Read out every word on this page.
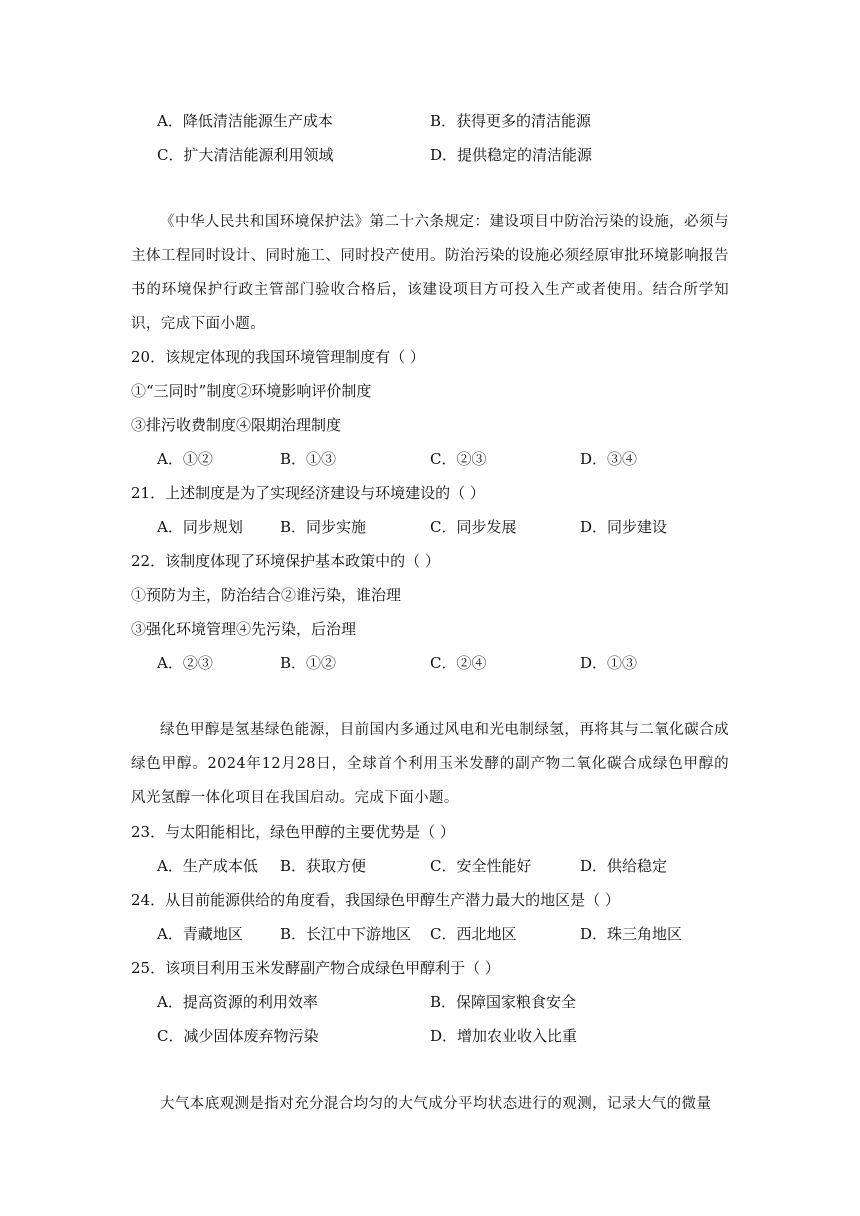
A．降低清洁能源生产成本	B．获得更多的清洁能源
C．扩大清洁能源利用领域	D．提供稳定的清洁能源
《中华人民共和国环境保护法》第二十六条规定：建设项目中防治污染的设施，必须与主体工程同时设计、同时施工、同时投产使用。防治污染的设施必须经原审批环境影响报告书的环境保护行政主管部门验收合格后，该建设项目方可投入生产或者使用。结合所学知识，完成下面小题。
20．该规定体现的我国环境管理制度有（ ）
①“三同时”制度②环境影响评价制度
③排污收费制度④限期治理制度
A．①②	B．①③	C．②③	D．③④
21．上述制度是为了实现经济建设与环境建设的（ ）
A．同步规划 B．同步实施	C．同步发展	D．同步建设
22．该制度体现了环境保护基本政策中的（ ）
①预防为主，防治结合②谁污染，谁治理
③强化环境管理④先污染，后治理
A．②③	B．①②	C．②④	D．①③
绿色甲醇是氢基绿色能源，目前国内多通过风电和光电制绿氢，再将其与二氧化碳合成绿色甲醇。2024年12月28日，全球首个利用玉米发酵的副产物二氧化碳合成绿色甲醇的风光氢醇一体化项目在我国启动。完成下面小题。
23．与太阳能相比，绿色甲醇的主要优势是（ ）
A．生产成本低 B．获取方便	C．安全性能好	D．供给稳定
24．从目前能源供给的角度看，我国绿色甲醇生产潜力最大的地区是（ ）
A．青藏地区 B．长江中下游地区 C．西北地区	D．珠三角地区
25．该项目利用玉米发酵副产物合成绿色甲醇利于（ ）
A．提高资源的利用效率	B．保障国家粮食安全
C．减少固体废弃物污染	D．增加农业收入比重
大气本底观测是指对充分混合均匀的大气成分平均状态进行的观测，记录大气的微量
